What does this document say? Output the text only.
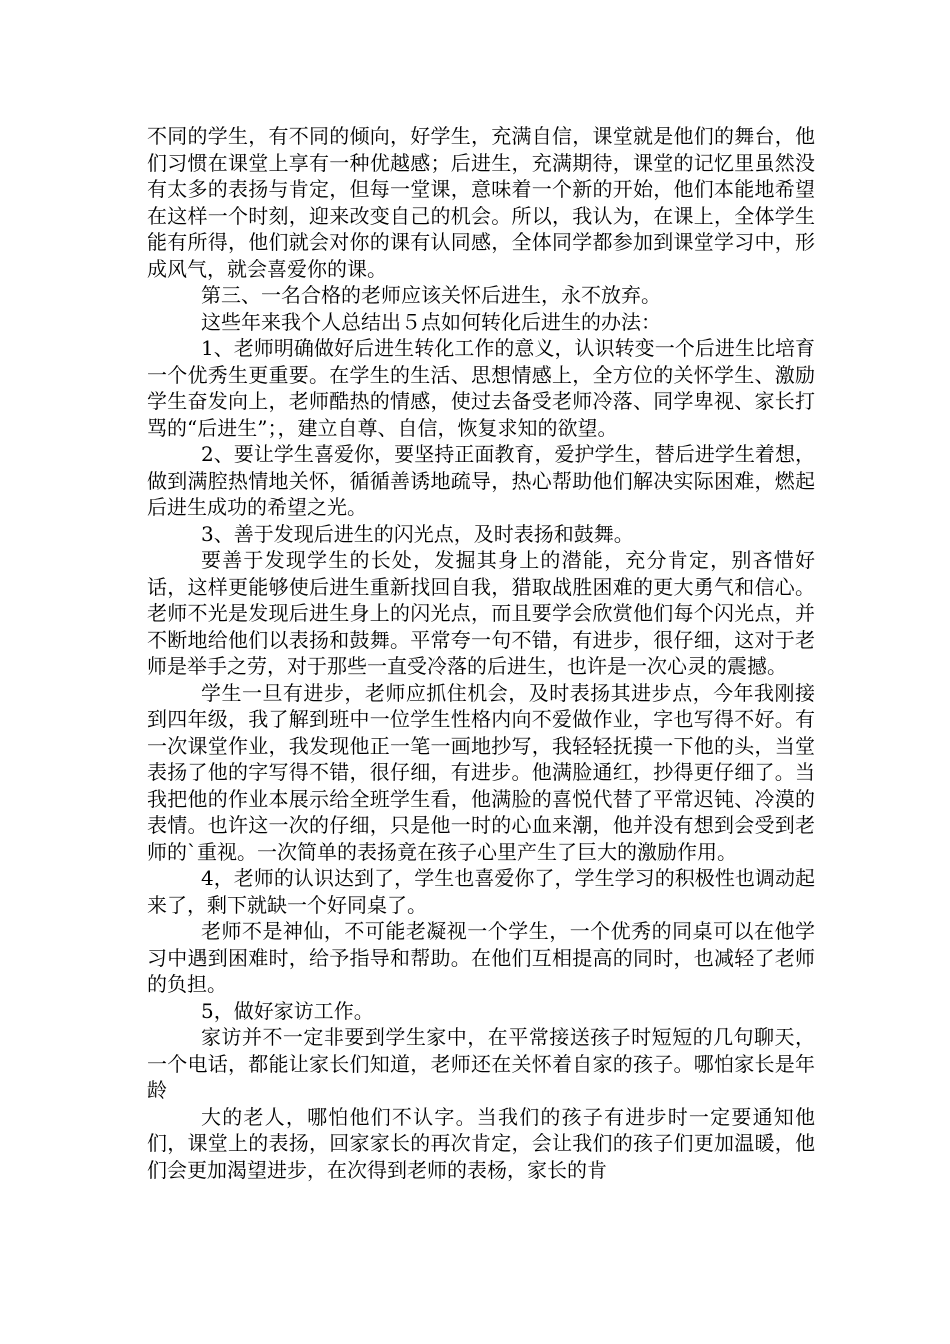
不同的学生，有不同的倾向，好学生，充满自信，课堂就是他们的舞台，他们习惯在课堂上享有一种优越感；后进生，充满期待，课堂的记忆里虽然没有太多的表扬与肯定，但每一堂课，意味着一个新的开始，他们本能地希望在这样一个时刻，迎来改变自己的机会。所以，我认为，在课上，全体学生能有所得，他们就会对你的课有认同感，全体同学都参加到课堂学习中，形成风气，就会喜爱你的课。

第三、一名合格的老师应该关怀后进生，永不放弃。

这些年来我个人总结出５点如何转化后进生的办法：

1、老师明确做好后进生转化工作的意义，认识转变一个后进生比培育一个优秀生更重要。在学生的生活、思想情感上，全方位的关怀学生、激励学生奋发向上，老师酷热的情感，使过去备受老师冷落、同学卑视、家长打骂的“后进生”；，建立自尊、自信，恢复求知的欲望。

2、要让学生喜爱你，要坚持正面教育，爱护学生，替后进学生着想，做到满腔热情地关怀，循循善诱地疏导，热心帮助他们解决实际困难，燃起后进生成功的希望之光。

3、善于发现后进生的闪光点，及时表扬和鼓舞。

要善于发现学生的长处，发掘其身上的潜能，充分肯定，别吝惜好话，这样更能够使后进生重新找回自我，猎取战胜困难的更大勇气和信心。老师不光是发现后进生身上的闪光点，而且要学会欣赏他们每个闪光点，并不断地给他们以表扬和鼓舞。平常夸一句不错，有进步，很仔细，这对于老师是举手之劳，对于那些一直受冷落的后进生，也许是一次心灵的震撼。

学生一旦有进步，老师应抓住机会，及时表扬其进步点，今年我刚接到四年级，我了解到班中一位学生性格内向不爱做作业，字也写得不好。有一次课堂作业，我发现他正一笔一画地抄写，我轻轻抚摸一下他的头，当堂表扬了他的字写得不错，很仔细，有进步。他满脸通红，抄得更仔细了。当我把他的作业本展示给全班学生看，他满脸的喜悦代替了平常迟钝、冷漠的表情。也许这一次的仔细，只是他一时的心血来潮，他并没有想到会受到老师的`重视。一次简单的表扬竟在孩子心里产生了巨大的激励作用。

4，老师的认识达到了，学生也喜爱你了，学生学习的积极性也调动起来了，剩下就缺一个好同桌了。

老师不是神仙，不可能老凝视一个学生，一个优秀的同桌可以在他学习中遇到困难时，给予指导和帮助。在他们互相提高的同时，也减轻了老师的负担。

5，做好家访工作。

家访并不一定非要到学生家中，在平常接送孩子时短短的几句聊天，一个电话，都能让家长们知道，老师还在关怀着自家的孩子。哪怕家长是年龄

大的老人，哪怕他们不认字。当我们的孩子有进步时一定要通知他们，课堂上的表扬，回家家长的再次肯定，会让我们的孩子们更加温暖，他们会更加渴望进步，在次得到老师的表杨，家长的肯
